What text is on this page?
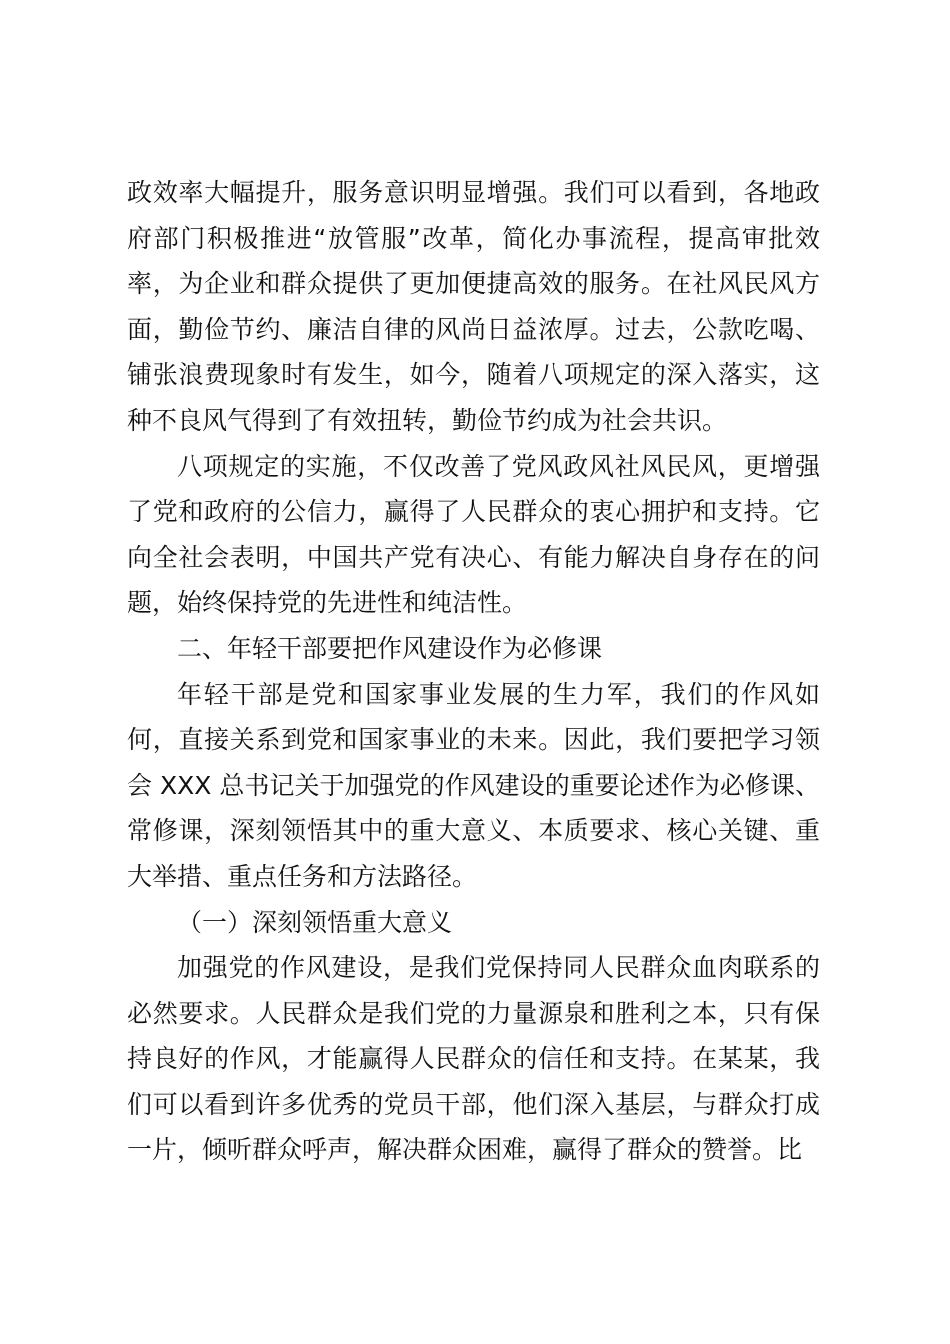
政效率大幅提升，服务意识明显增强。我们可以看到，各地政府部门积极推进“放管服”改革，简化办事流程，提高审批效率，为企业和群众提供了更加便捷高效的服务。在社风民风方面，勤俭节约、廉洁自律的风尚日益浓厚。过去，公款吃喝、铺张浪费现象时有发生，如今，随着八项规定的深入落实，这种不良风气得到了有效扭转，勤俭节约成为社会共识。

八项规定的实施，不仅改善了党风政风社风民风，更增强了党和政府的公信力，赢得了人民群众的衷心拥护和支持。它向全社会表明，中国共产党有决心、有能力解决自身存在的问题，始终保持党的先进性和纯洁性。

二、年轻干部要把作风建设作为必修课

年轻干部是党和国家事业发展的生力军，我们的作风如何，直接关系到党和国家事业的未来。因此，我们要把学习领会 XXX 总书记关于加强党的作风建设的重要论述作为必修课、常修课，深刻领悟其中的重大意义、本质要求、核心关键、重大举措、重点任务和方法路径。

（一）深刻领悟重大意义

加强党的作风建设，是我们党保持同人民群众血肉联系的必然要求。人民群众是我们党的力量源泉和胜利之本，只有保持良好的作风，才能赢得人民群众的信任和支持。在某某，我们可以看到许多优秀的党员干部，他们深入基层，与群众打成一片，倾听群众呼声，解决群众困难，赢得了群众的赞誉。比
